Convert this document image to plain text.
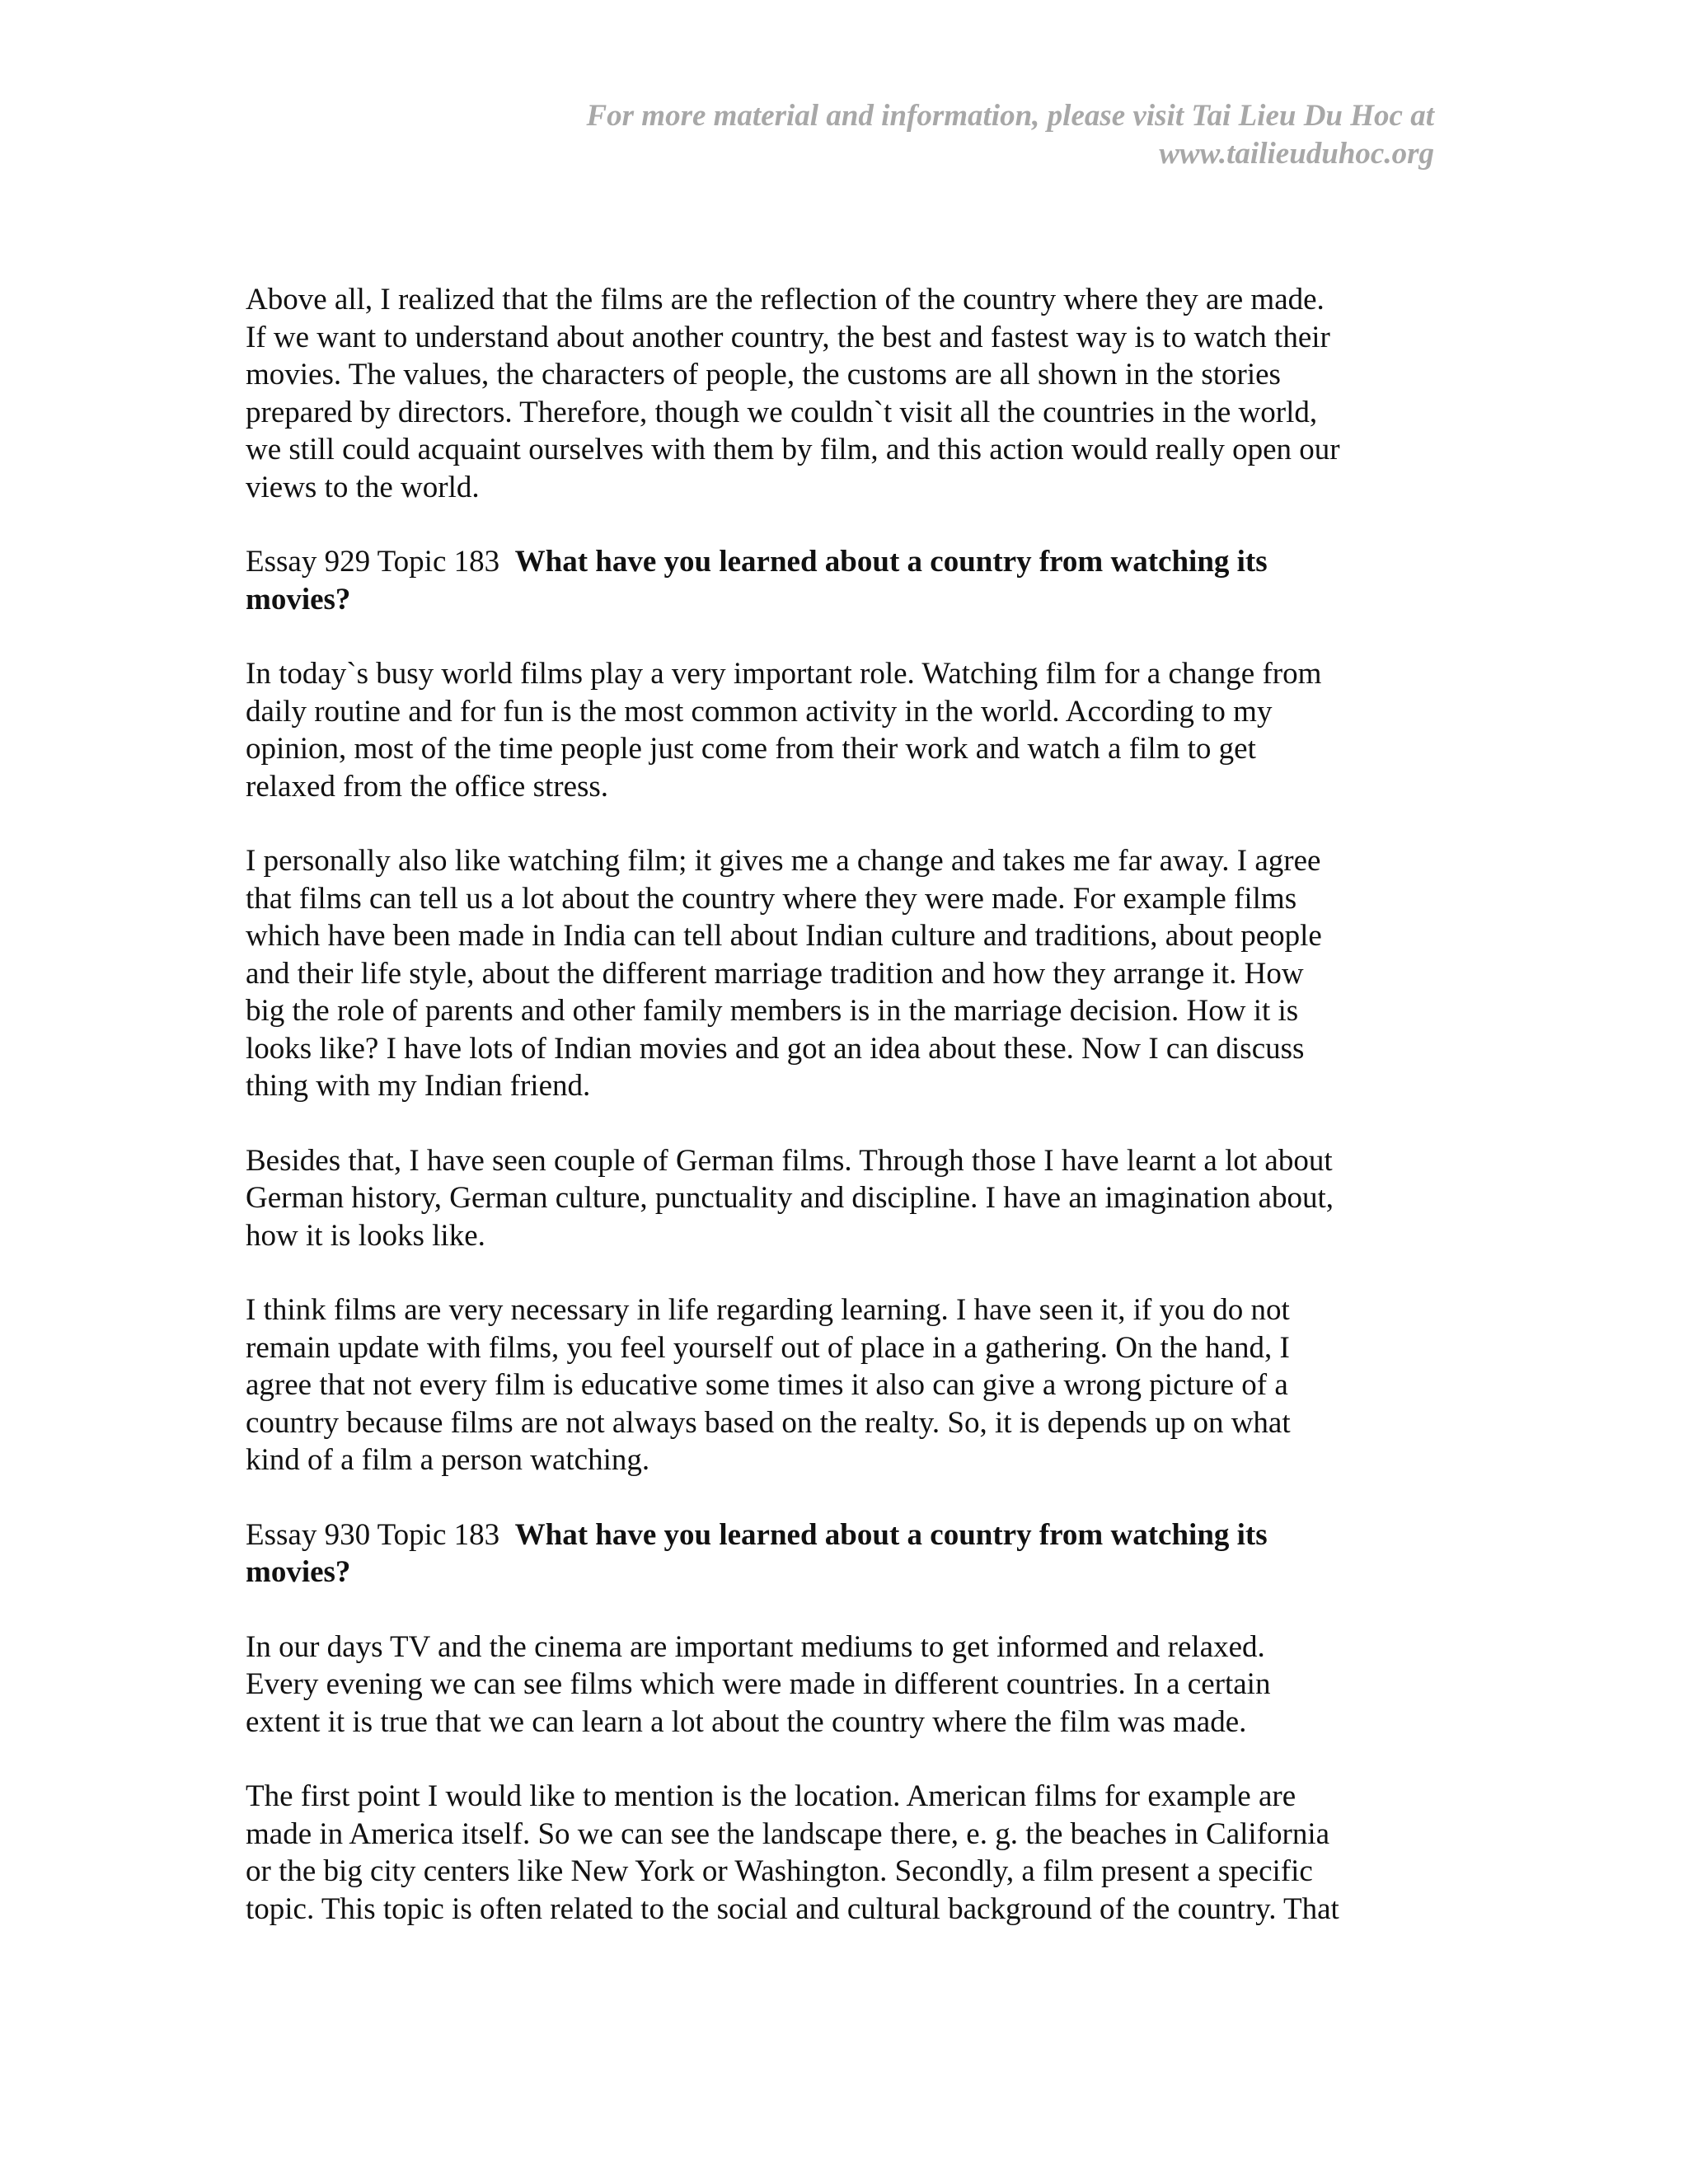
For more material and information, please visit Tai Lieu Du Hoc at
www.tailieuduhoc.org
Above all, I realized that the films are the reflection of the country where they are made.
If we want to understand about another country, the best and fastest way is to watch their
movies. The values, the characters of people, the customs are all shown in the stories
prepared by directors. Therefore, though we couldn`t visit all the countries in the world,
we still could acquaint ourselves with them by film, and this action would really open our
views to the world.
Essay 929 Topic 183 What have you learned about a country from watching its
movies?
In today`s busy world films play a very important role. Watching film for a change from
daily routine and for fun is the most common activity in the world. According to my
opinion, most of the time people just come from their work and watch a film to get
relaxed from the office stress.
I personally also like watching film; it gives me a change and takes me far away. I agree
that films can tell us a lot about the country where they were made. For example films
which have been made in India can tell about Indian culture and traditions, about people
and their life style, about the different marriage tradition and how they arrange it. How
big the role of parents and other family members is in the marriage decision. How it is
looks like? I have lots of Indian movies and got an idea about these. Now I can discuss
thing with my Indian friend.
Besides that, I have seen couple of German films. Through those I have learnt a lot about
German history, German culture, punctuality and discipline. I have an imagination about,
how it is looks like.
I think films are very necessary in life regarding learning. I have seen it, if you do not
remain update with films, you feel yourself out of place in a gathering. On the hand, I
agree that not every film is educative some times it also can give a wrong picture of a
country because films are not always based on the realty. So, it is depends up on what
kind of a film a person watching.
Essay 930 Topic 183 What have you learned about a country from watching its
movies?
In our days TV and the cinema are important mediums to get informed and relaxed.
Every evening we can see films which were made in different countries. In a certain
extent it is true that we can learn a lot about the country where the film was made.
The first point I would like to mention is the location. American films for example are
made in America itself. So we can see the landscape there, e. g. the beaches in California
or the big city centers like New York or Washington. Secondly, a film present a specific
topic. This topic is often related to the social and cultural background of the country. That
